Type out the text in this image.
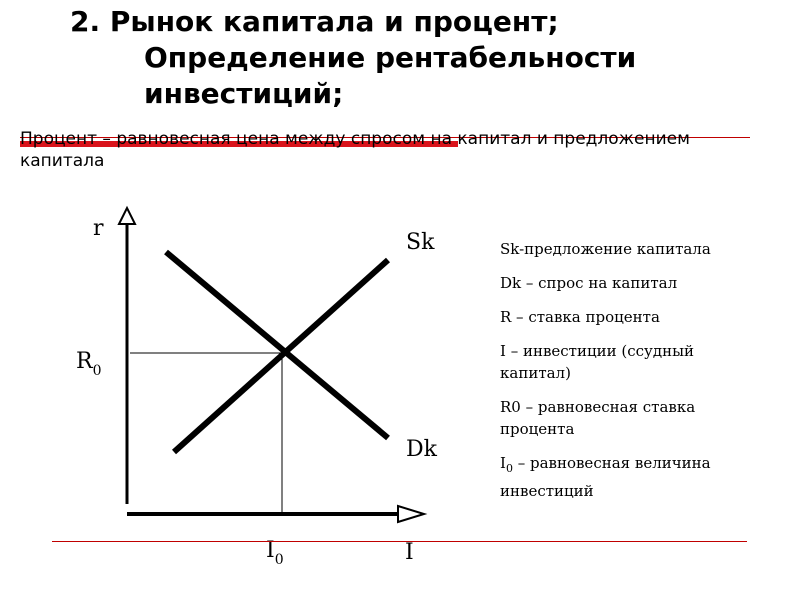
2. Рынок капитала и процент;
Определение рентабельности
инвестиций;

Процент – равновесная цена между спросом на капитал и предложением капитала

r
I
Sk
Dk
$R_0$
$I_0$

Sk-предложение капитала

Dk – спрос на капитал

R – ставка процента

I – инвестиции (ссудный капитал)

R0 – равновесная ставка процента

$I_0$ – равновесная величина инвестиций
